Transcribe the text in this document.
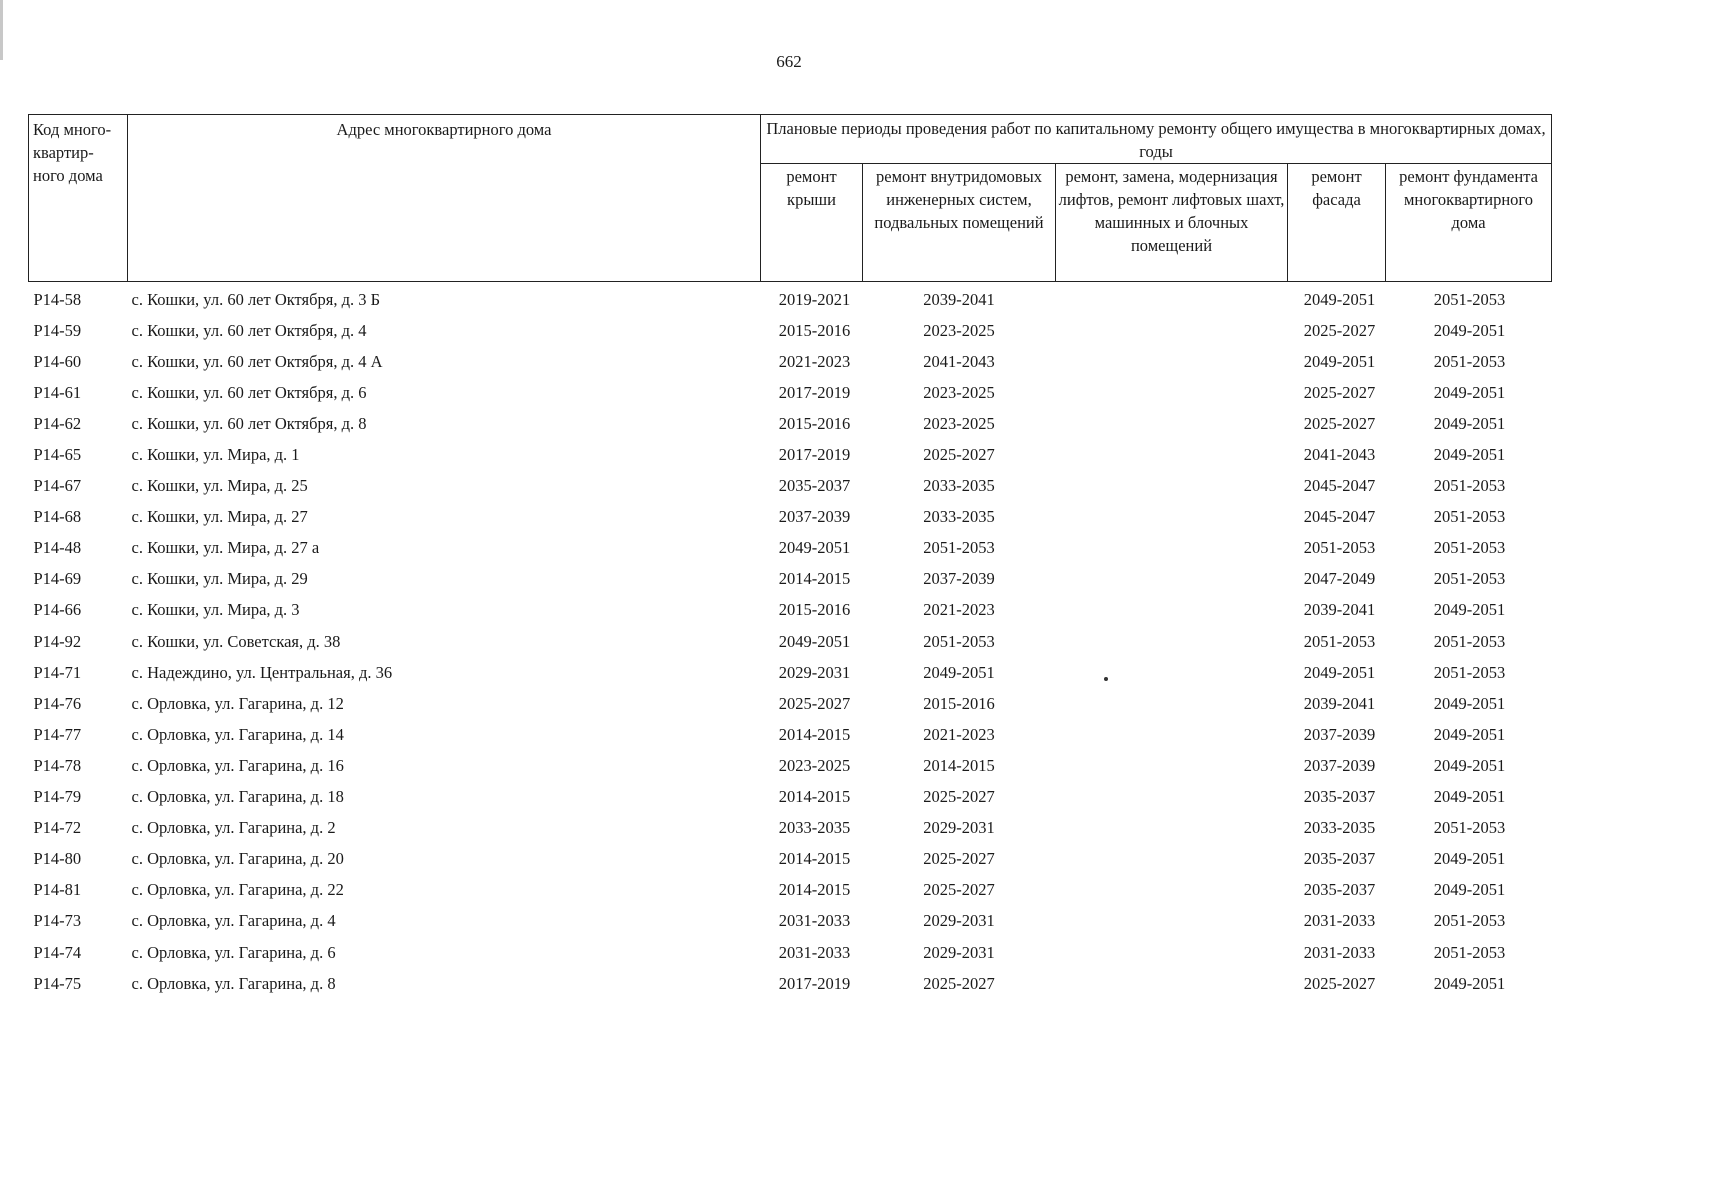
662
Код много-квартир-ного дома	Адрес многоквартирного дома	Плановые периоды проведения работ по капитальному ремонту общего имущества в многоквартирных домах, годы				
		ремонт крыши	ремонт внутридомовых инженерных систем, подвальных помещений	ремонт, замена, модернизация лифтов, ремонт лифтовых шахт, машинных и блочных помещений	ремонт фасада	ремонт фундамента многоквартирного дома
Р14-58	с. Кошки, ул. 60 лет Октября, д. 3 Б	2019-2021	2039-2041		2049-2051	2051-2053
Р14-59	с. Кошки, ул. 60 лет Октября, д. 4	2015-2016	2023-2025		2025-2027	2049-2051
Р14-60	с. Кошки, ул. 60 лет Октября, д. 4 А	2021-2023	2041-2043		2049-2051	2051-2053
Р14-61	с. Кошки, ул. 60 лет Октября, д. 6	2017-2019	2023-2025		2025-2027	2049-2051
Р14-62	с. Кошки, ул. 60 лет Октября, д. 8	2015-2016	2023-2025		2025-2027	2049-2051
Р14-65	с. Кошки, ул. Мира, д. 1	2017-2019	2025-2027		2041-2043	2049-2051
Р14-67	с. Кошки, ул. Мира, д. 25	2035-2037	2033-2035		2045-2047	2051-2053
Р14-68	с. Кошки, ул. Мира, д. 27	2037-2039	2033-2035		2045-2047	2051-2053
Р14-48	с. Кошки, ул. Мира, д. 27 а	2049-2051	2051-2053		2051-2053	2051-2053
Р14-69	с. Кошки, ул. Мира, д. 29	2014-2015	2037-2039		2047-2049	2051-2053
Р14-66	с. Кошки, ул. Мира, д. 3	2015-2016	2021-2023		2039-2041	2049-2051
Р14-92	с. Кошки, ул. Советская, д. 38	2049-2051	2051-2053		2051-2053	2051-2053
Р14-71	с. Надеждино, ул. Центральная, д. 36	2029-2031	2049-2051		2049-2051	2051-2053
Р14-76	с. Орловка, ул. Гагарина, д. 12	2025-2027	2015-2016		2039-2041	2049-2051
Р14-77	с. Орловка, ул. Гагарина, д. 14	2014-2015	2021-2023		2037-2039	2049-2051
Р14-78	с. Орловка, ул. Гагарина, д. 16	2023-2025	2014-2015		2037-2039	2049-2051
Р14-79	с. Орловка, ул. Гагарина, д. 18	2014-2015	2025-2027		2035-2037	2049-2051
Р14-72	с. Орловка, ул. Гагарина, д. 2	2033-2035	2029-2031		2033-2035	2051-2053
Р14-80	с. Орловка, ул. Гагарина, д. 20	2014-2015	2025-2027		2035-2037	2049-2051
Р14-81	с. Орловка, ул. Гагарина, д. 22	2014-2015	2025-2027		2035-2037	2049-2051
Р14-73	с. Орловка, ул. Гагарина, д. 4	2031-2033	2029-2031		2031-2033	2051-2053
Р14-74	с. Орловка, ул. Гагарина, д. 6	2031-2033	2029-2031		2031-2033	2051-2053
Р14-75	с. Орловка, ул. Гагарина, д. 8	2017-2019	2025-2027		2025-2027	2049-2051
